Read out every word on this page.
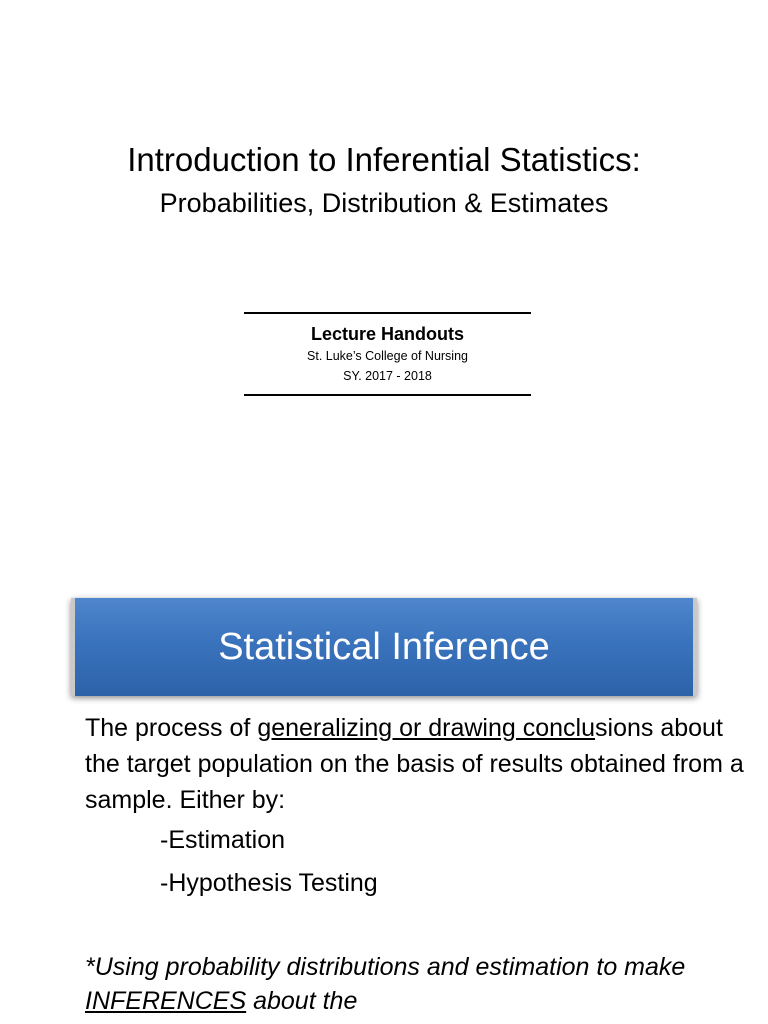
Introduction to Inferential Statistics:
Probabilities, Distribution & Estimates
Lecture Handouts
St. Luke’s College of Nursing
SY. 2017 - 2018
Statistical Inference
The process of generalizing or drawing conclusions about the target population on the basis of results obtained from a sample. Either by:
-Estimation
-Hypothesis Testing
*Using probability distributions and estimation to make INFERENCES about the
